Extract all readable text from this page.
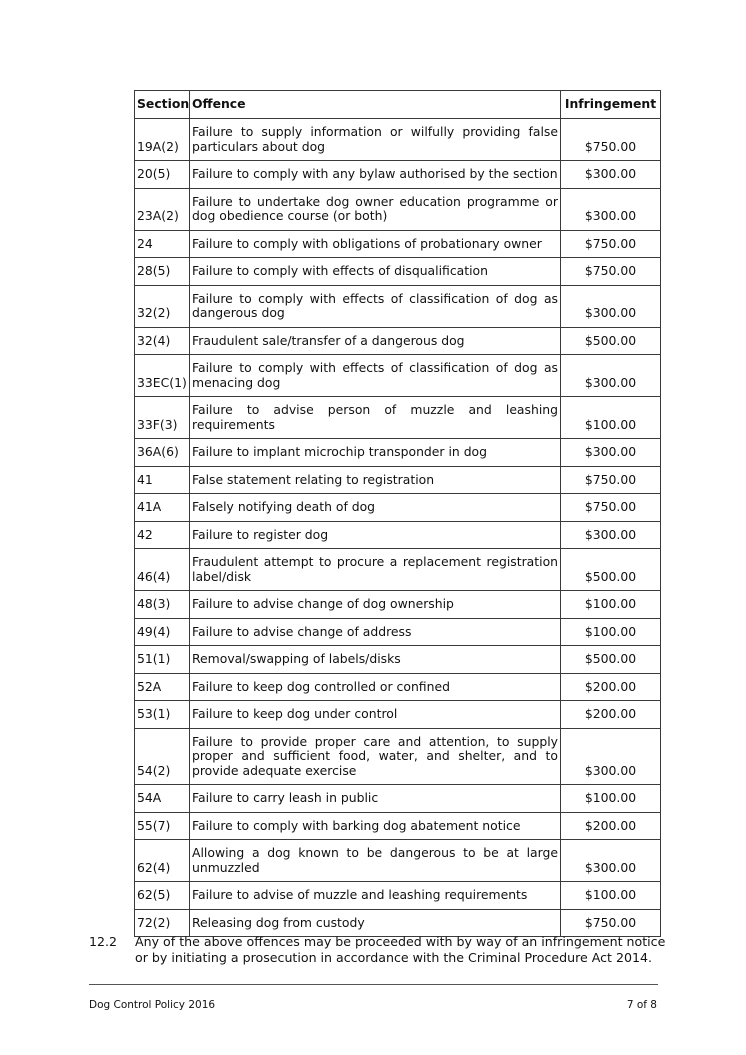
Section	Offence	Infringement
19A(2)	Failure to supply information or wilfully providing false particulars about dog	$750.00
20(5)	Failure to comply with any bylaw authorised by the section	$300.00
23A(2)	Failure to undertake dog owner education programme or dog obedience course (or both)	$300.00
24	Failure to comply with obligations of probationary owner	$750.00
28(5)	Failure to comply with effects of disqualification	$750.00
32(2)	Failure to comply with effects of classification of dog as dangerous dog	$300.00
32(4)	Fraudulent sale/transfer of a dangerous dog	$500.00
33EC(1)	Failure to comply with effects of classification of dog as menacing dog	$300.00
33F(3)	Failure to advise person of muzzle and leashing requirements	$100.00
36A(6)	Failure to implant microchip transponder in dog	$300.00
41	False statement relating to registration	$750.00
41A	Falsely notifying death of dog	$750.00
42	Failure to register dog	$300.00
46(4)	Fraudulent attempt to procure a replacement registration label/disk	$500.00
48(3)	Failure to advise change of dog ownership	$100.00
49(4)	Failure to advise change of address	$100.00
51(1)	Removal/swapping of labels/disks	$500.00
52A	Failure to keep dog controlled or confined	$200.00
53(1)	Failure to keep dog under control	$200.00
54(2)	Failure to provide proper care and attention, to supply proper and sufficient food, water, and shelter, and to provide adequate exercise	$300.00
54A	Failure to carry leash in public	$100.00
55(7)	Failure to comply with barking dog abatement notice	$200.00
62(4)	Allowing a dog known to be dangerous to be at large unmuzzled	$300.00
62(5)	Failure to advise of muzzle and leashing requirements	$100.00
72(2)	Releasing dog from custody	$750.00
12.2 Any of the above offences may be proceeded with by way of an infringement notice or by initiating a prosecution in accordance with the Criminal Procedure Act 2014.
Dog Control Policy 2016	7 of 8
